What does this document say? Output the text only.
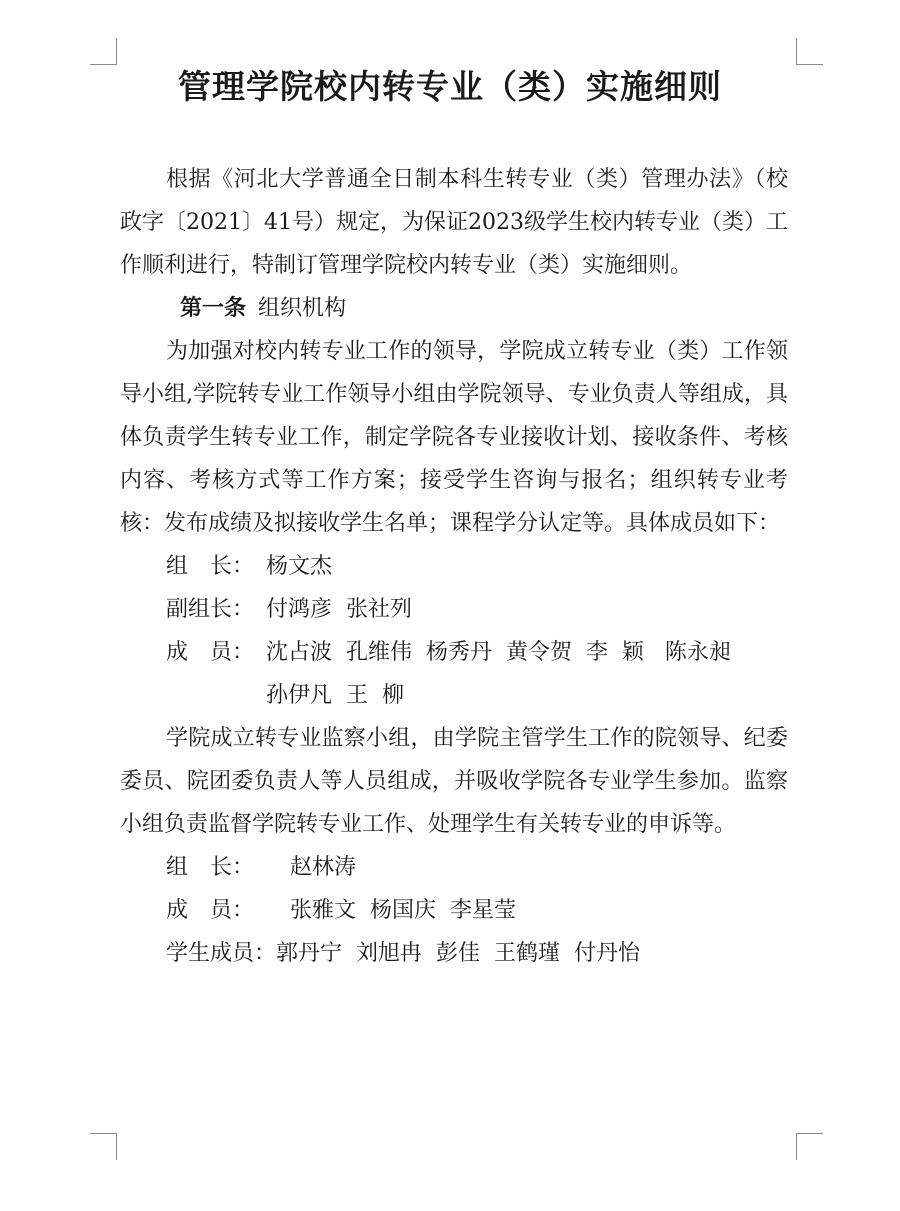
管理学院校内转专业（类）实施细则

根据《河北大学普通全日制本科生转专业（类）管理办法》（校政字〔2021〕41号）规定，为保证2023级学生校内转专业（类）工作顺利进行，特制订管理学院校内转专业（类）实施细则。

第一条 组织机构

为加强对校内转专业工作的领导，学院成立转专业（类）工作领导小组,学院转专业工作领导小组由学院领导、专业负责人等组成，具体负责学生转专业工作，制定学院各专业接收计划、接收条件、考核内容、考核方式等工作方案；接受学生咨询与报名；组织转专业考核：发布成绩及拟接收学生名单；课程学分认定等。具体成员如下：

组　长： 杨文杰
副组长： 付鸿彦  张社列
成　员： 沈占波  孔维伟  杨秀丹  黄令贺  李  颖   陈永昶
孙伊凡  王  柳

学院成立转专业监察小组，由学院主管学生工作的院领导、纪委委员、院团委负责人等人员组成，并吸收学院各专业学生参加。监察小组负责监督学院转专业工作、处理学生有关转专业的申诉等。

组　长： 赵林涛
成　员： 张雅文  杨国庆  李星莹
学生成员：郭丹宁  刘旭冉  彭佳  王鹤瑾  付丹怡
